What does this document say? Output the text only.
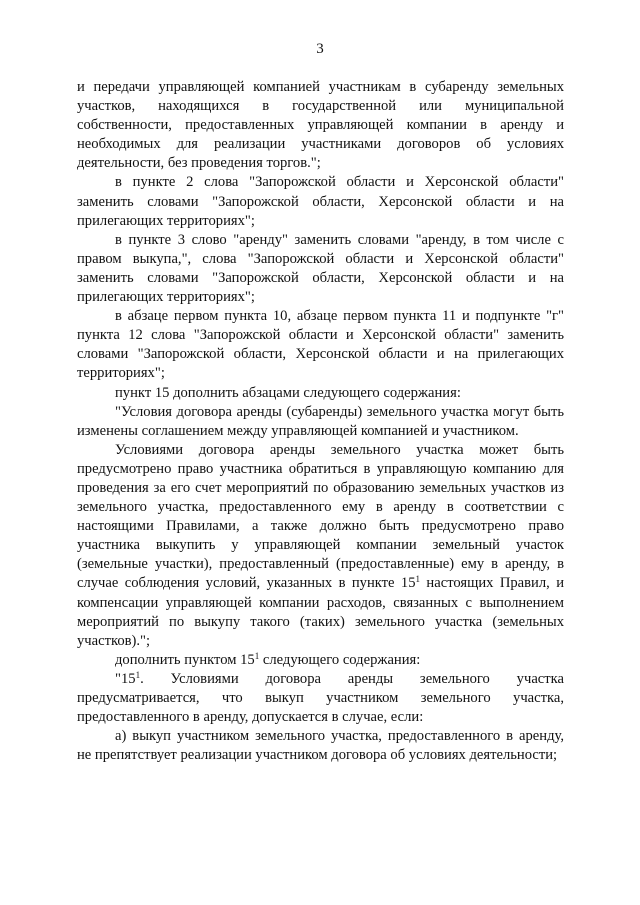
3

и передачи управляющей компанией участникам в субаренду земельных участков, находящихся в государственной или муниципальной собственности, предоставленных управляющей компании в аренду и необходимых для реализации участниками договоров об условиях деятельности, без проведения торгов.";

в пункте 2 слова "Запорожской области и Херсонской области" заменить словами "Запорожской области, Херсонской области и на прилегающих территориях";

в пункте 3 слово "аренду" заменить словами "аренду, в том числе с правом выкупа,", слова "Запорожской области и Херсонской области" заменить словами "Запорожской области, Херсонской области и на прилегающих территориях";

в абзаце первом пункта 10, абзаце первом пункта 11 и подпункте "г" пункта 12 слова "Запорожской области и Херсонской области" заменить словами "Запорожской области, Херсонской области и на прилегающих территориях";

пункт 15 дополнить абзацами следующего содержания:

"Условия договора аренды (субаренды) земельного участка могут быть изменены соглашением между управляющей компанией и участником.

Условиями договора аренды земельного участка может быть предусмотрено право участника обратиться в управляющую компанию для проведения за его счет мероприятий по образованию земельных участков из земельного участка, предоставленного ему в аренду в соответствии с настоящими Правилами, а также должно быть предусмотрено право участника выкупить у управляющей компании земельный участок (земельные участки), предоставленный (предоставленные) ему в аренду, в случае соблюдения условий, указанных в пункте $15^1$ настоящих Правил, и компенсации управляющей компании расходов, связанных с выполнением мероприятий по выкупу такого (таких) земельного участка (земельных участков).";

дополнить пунктом $15^1$ следующего содержания:

"$15^1$. Условиями договора аренды земельного участка предусматривается, что выкуп участником земельного участка, предоставленного в аренду, допускается в случае, если:

а) выкуп участником земельного участка, предоставленного в аренду, не препятствует реализации участником договора об условиях деятельности;
